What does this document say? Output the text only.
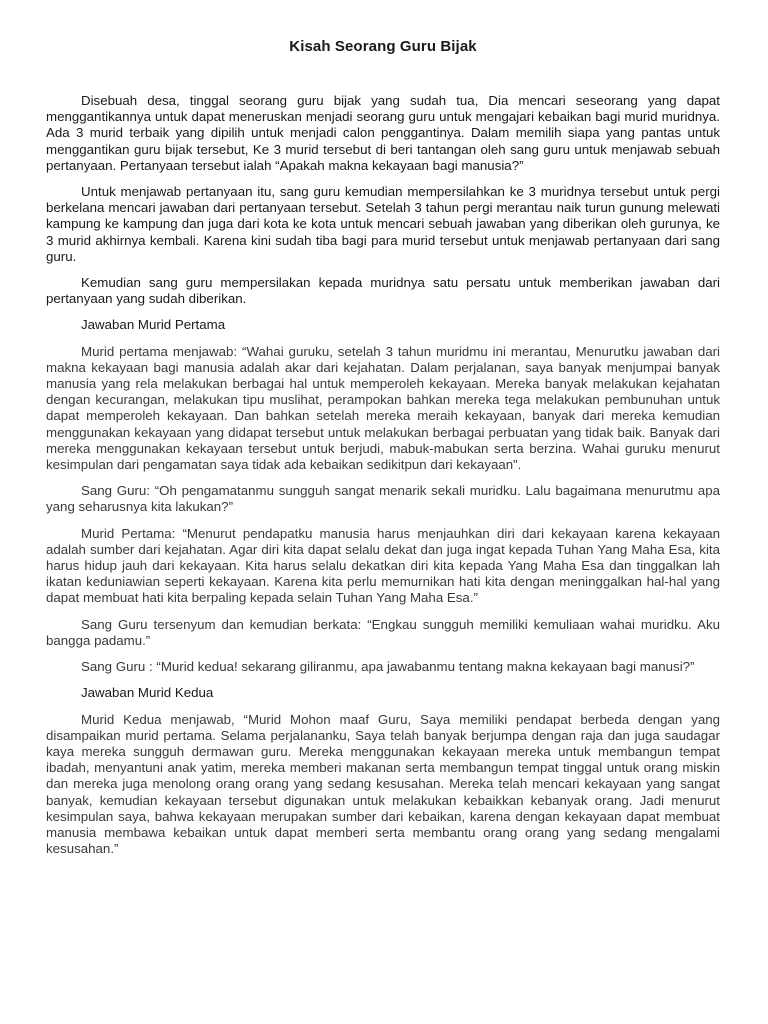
Kisah Seorang Guru Bijak

Disebuah desa, tinggal seorang guru bijak yang sudah tua, Dia mencari seseorang yang dapat menggantikannya untuk dapat meneruskan menjadi seorang guru untuk mengajari kebaikan bagi murid muridnya. Ada 3 murid terbaik yang dipilih untuk menjadi calon penggantinya. Dalam memilih siapa yang pantas untuk menggantikan guru bijak tersebut, Ke 3 murid tersebut di beri tantangan oleh sang guru untuk menjawab sebuah pertanyaan. Pertanyaan tersebut ialah “Apakah makna kekayaan bagi manusia?”

Untuk menjawab pertanyaan itu, sang guru kemudian mempersilahkan ke 3 muridnya tersebut untuk pergi berkelana mencari jawaban dari pertanyaan tersebut. Setelah 3 tahun pergi merantau naik turun gunung melewati kampung ke kampung dan juga dari kota ke kota untuk mencari sebuah jawaban yang diberikan oleh gurunya, ke 3 murid akhirnya kembali. Karena kini sudah tiba bagi para murid tersebut untuk menjawab pertanyaan dari sang guru.

Kemudian sang guru mempersilakan kepada muridnya satu persatu untuk memberikan jawaban dari pertanyaan yang sudah diberikan.

Jawaban Murid Pertama

Murid pertama menjawab: “Wahai guruku, setelah 3 tahun muridmu ini merantau, Menurutku jawaban dari makna kekayaan bagi manusia adalah akar dari kejahatan. Dalam perjalanan, saya banyak menjumpai banyak manusia yang rela melakukan berbagai hal untuk memperoleh kekayaan. Mereka banyak melakukan kejahatan dengan kecurangan, melakukan tipu muslihat, perampokan bahkan mereka tega melakukan pembunuhan untuk dapat memperoleh kekayaan. Dan bahkan setelah mereka meraih kekayaan, banyak dari mereka kemudian menggunakan kekayaan yang didapat tersebut untuk melakukan berbagai perbuatan yang tidak baik. Banyak dari mereka menggunakan kekayaan tersebut untuk berjudi, mabuk-mabukan serta berzina. Wahai guruku menurut kesimpulan dari pengamatan saya tidak ada kebaikan sedikitpun dari kekayaan”.

Sang Guru: “Oh pengamatanmu sungguh sangat menarik sekali muridku. Lalu bagaimana menurutmu apa yang seharusnya kita lakukan?”

Murid Pertama: “Menurut pendapatku manusia harus menjauhkan diri dari kekayaan karena kekayaan adalah sumber dari kejahatan. Agar diri kita dapat selalu dekat dan juga ingat kepada Tuhan Yang Maha Esa, kita harus hidup jauh dari kekayaan. Kita harus selalu dekatkan diri kita kepada Yang Maha Esa dan tinggalkan lah ikatan keduniawian seperti kekayaan. Karena kita perlu memurnikan hati kita dengan meninggalkan hal-hal yang dapat membuat hati kita berpaling kepada selain Tuhan Yang Maha Esa.”

Sang Guru tersenyum dan kemudian berkata: “Engkau sungguh memiliki kemuliaan wahai muridku. Aku bangga padamu.”

Sang Guru : “Murid kedua! sekarang giliranmu, apa jawabanmu tentang makna kekayaan bagi manusi?”

Jawaban Murid Kedua

Murid Kedua menjawab, “Murid Mohon maaf Guru, Saya memiliki pendapat berbeda dengan yang disampaikan murid pertama. Selama perjalananku, Saya telah banyak berjumpa dengan raja dan juga saudagar kaya mereka sungguh dermawan guru. Mereka menggunakan kekayaan mereka untuk membangun tempat ibadah, menyantuni anak yatim, mereka memberi makanan serta membangun tempat tinggal untuk orang miskin dan mereka juga menolong orang orang yang sedang kesusahan. Mereka telah mencari kekayaan yang sangat banyak, kemudian kekayaan tersebut digunakan untuk melakukan kebaikkan kebanyak orang. Jadi menurut kesimpulan saya, bahwa kekayaan merupakan sumber dari kebaikan, karena dengan kekayaan dapat membuat manusia membawa kebaikan untuk dapat memberi serta membantu orang orang yang sedang mengalami kesusahan.”
